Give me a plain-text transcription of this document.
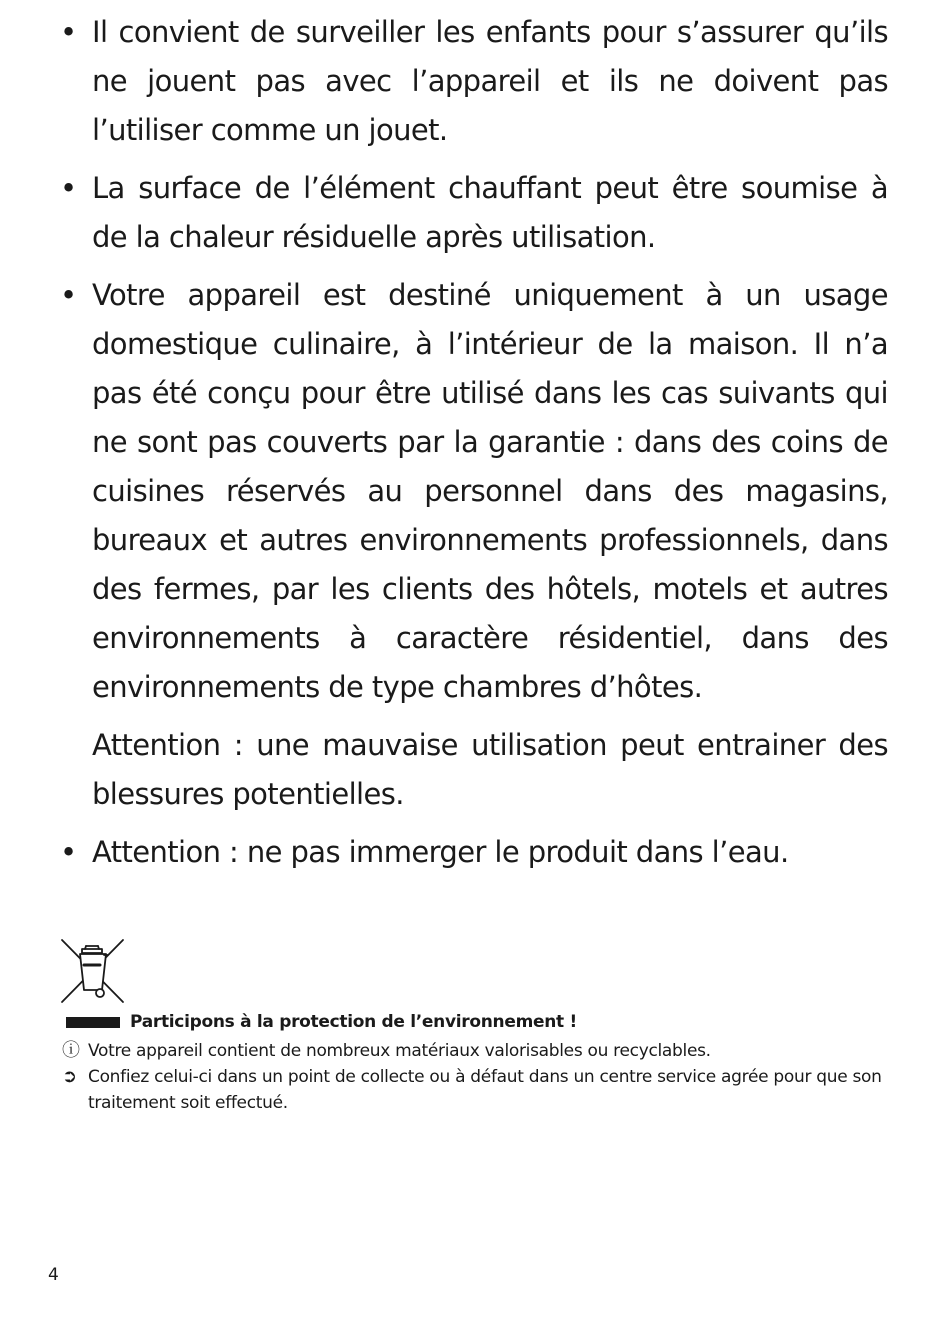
• Il convient de surveiller les enfants pour s’assurer qu’ils ne jouent pas avec l’appareil et ils ne doivent pas l’utiliser comme un jouet.
• La surface de l’élément chauffant peut être soumise à de la chaleur résiduelle après utilisation.
• Votre appareil est destiné uniquement à un usage domestique culinaire, à l’intérieur de la maison. Il n’a pas été conçu pour être utilisé dans les cas suivants qui ne sont pas couverts par la garantie : dans des coins de cuisines réservés au personnel dans des magasins, bureaux et autres environnements professionnels, dans des fermes, par les clients des hôtels, motels et autres environnements à caractère résidentiel, dans des environnements de type chambres d’hôtes.
Attention : une mauvaise utilisation peut entrainer des blessures potentielles.
• Attention : ne pas immerger le produit dans l’eau.
Participons à la protection de l’environnement !
ⓘ Votre appareil contient de nombreux matériaux valorisables ou recyclables.
➲ Confiez celui-ci dans un point de collecte ou à défaut dans un centre service agrée pour que son traitement soit effectué.
4
